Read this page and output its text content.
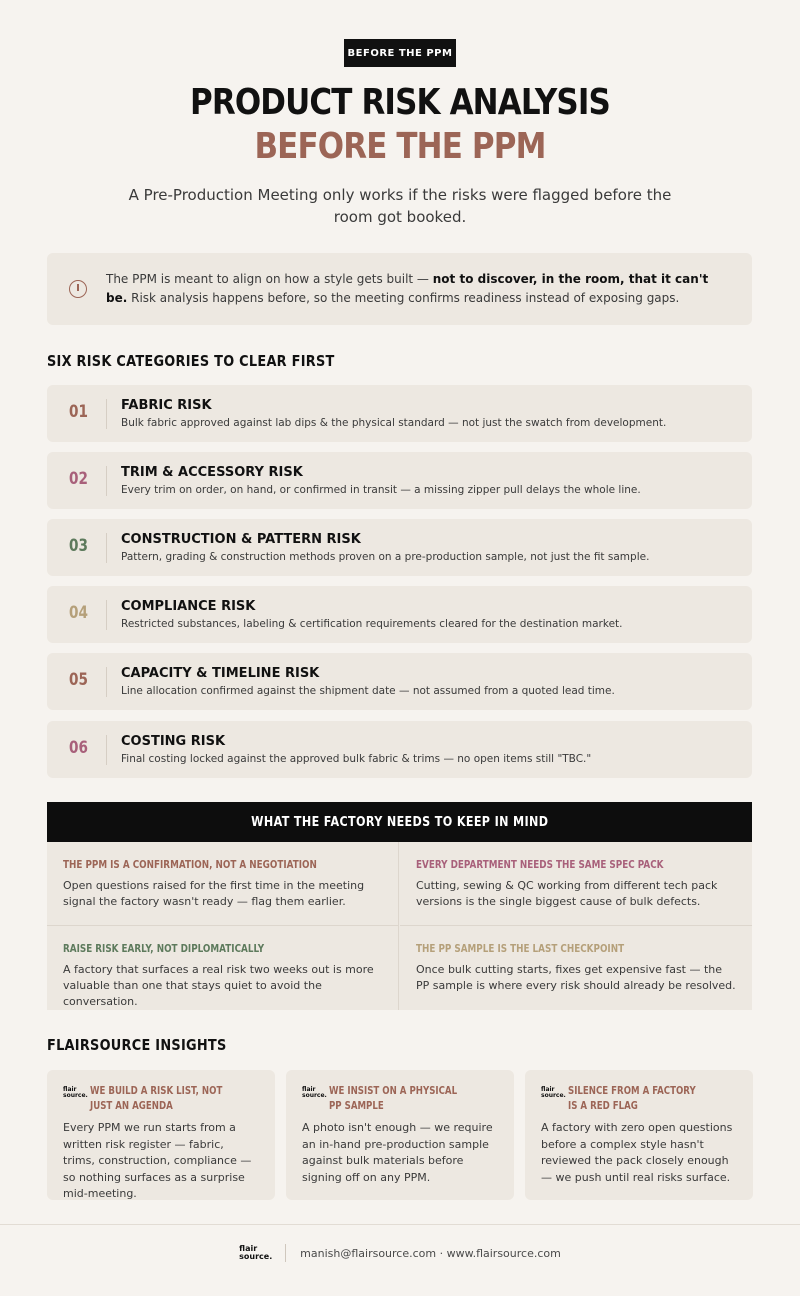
BEFORE THE PPM
PRODUCT RISK ANALYSIS
BEFORE THE PPM
A Pre-Production Meeting only works if the risks were flagged before the room got booked.

The PPM is meant to align on how a style gets built — not to discover, in the room, that it can't be. Risk analysis happens before, so the meeting confirms readiness instead of exposing gaps.

SIX RISK CATEGORIES TO CLEAR FIRST
01	FABRIC RISK
Bulk fabric approved against lab dips & the physical standard — not just the swatch from development.
02	TRIM & ACCESSORY RISK
Every trim on order, on hand, or confirmed in transit — a missing zipper pull delays the whole line.
03	CONSTRUCTION & PATTERN RISK
Pattern, grading & construction methods proven on a pre-production sample, not just the fit sample.
04	COMPLIANCE RISK
Restricted substances, labeling & certification requirements cleared for the destination market.
05	CAPACITY & TIMELINE RISK
Line allocation confirmed against the shipment date — not assumed from a quoted lead time.
06	COSTING RISK
Final costing locked against the approved bulk fabric & trims — no open items still "TBC."
WHAT THE FACTORY NEEDS TO KEEP IN MIND
THE PPM IS A CONFIRMATION, NOT A NEGOTIATION
Open questions raised for the first time in the meeting signal the factory wasn't ready — flag them earlier.
EVERY DEPARTMENT NEEDS THE SAME SPEC PACK
Cutting, sewing & QC working from different tech pack versions is the single biggest cause of bulk defects.
RAISE RISK EARLY, NOT DIPLOMATICALLY
A factory that surfaces a real risk two weeks out is more valuable than one that stays quiet to avoid the conversation.
THE PP SAMPLE IS THE LAST CHECKPOINT
Once bulk cutting starts, fixes get expensive fast — the PP sample is where every risk should already be resolved.
FLAIRSOURCE INSIGHTS
flair
source. WE BUILD A RISK LIST, NOT JUST AN AGENDA
Every PPM we run starts from a written risk register — fabric, trims, construction, compliance — so nothing surfaces as a surprise mid-meeting.
flair
source. WE INSIST ON A PHYSICAL PP SAMPLE
A photo isn't enough — we require an in-hand pre-production sample against bulk materials before signing off on any PPM.
flair
source. SILENCE FROM A FACTORY IS A RED FLAG
A factory with zero open questions before a complex style hasn't reviewed the pack closely enough — we push until real risks surface.
flair
source.	manish@flairsource.com · www.flairsource.com
